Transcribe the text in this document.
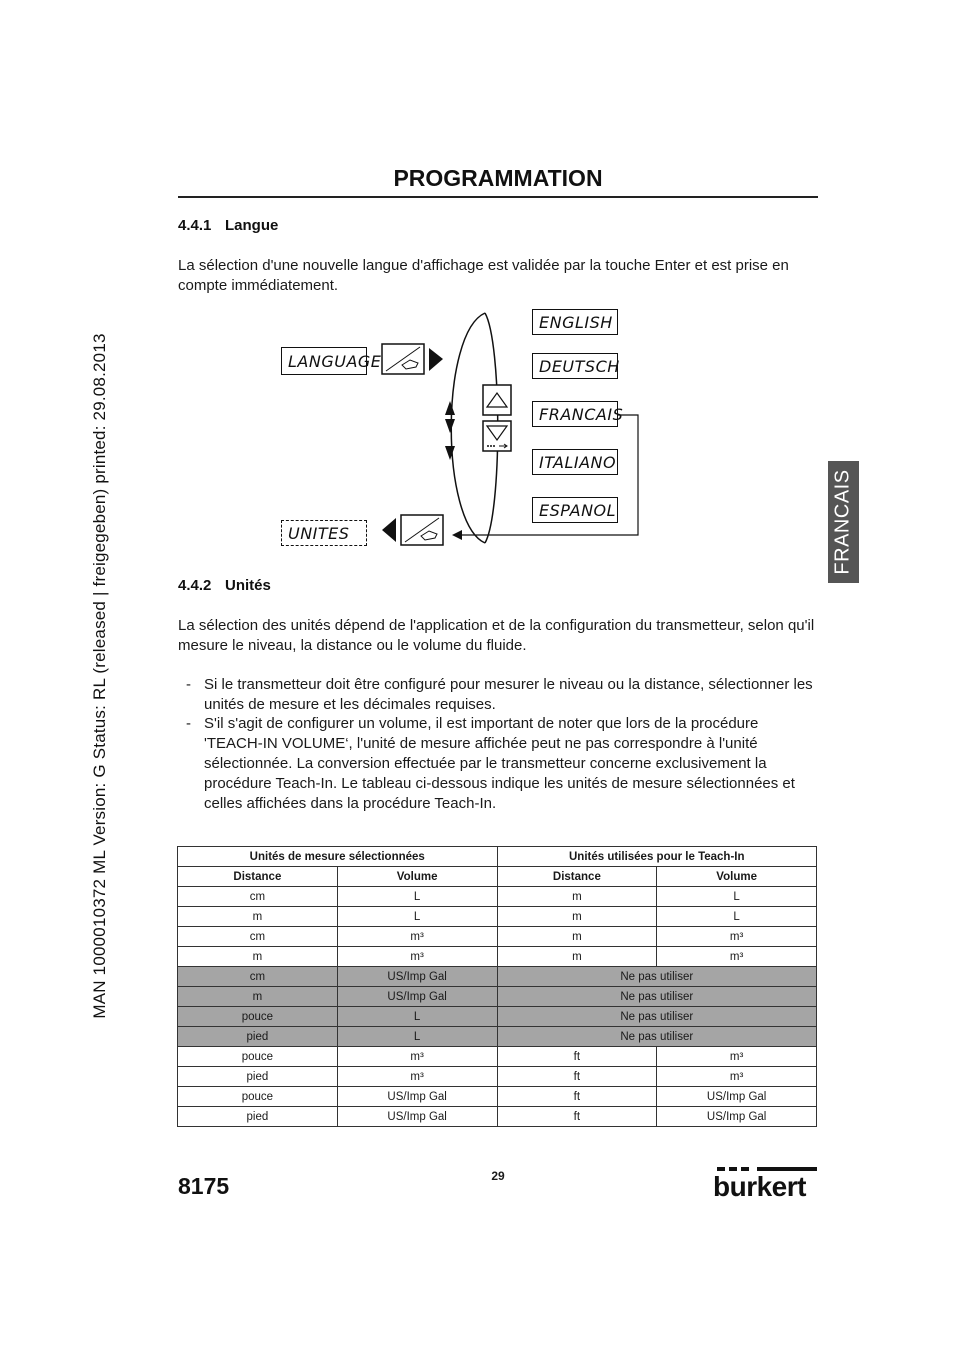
MAN 1000010372 ML Version: G Status: RL (released | freigegeben) printed: 29.08.2013	FRANCAIS
PROGRAMMATION
4.4.1 Langue
La sélection d'une nouvelle langue d'affichage est validée par la touche Enter et est prise en compte immédiatement.
LANGUAGE
ENGLISH
DEUTSCH
FRANCAIS
ITALIANO
ESPANOL
UNITES
4.4.2 Unités
La sélection des unités dépend de l'application et de la configuration du transmetteur, selon qu'il mesure le niveau, la distance ou le volume du fluide.
- Si le transmetteur doit être configuré pour mesurer le niveau ou la distance, sélectionner les unités de mesure et les décimales requises.
- S'il s'agit de configurer un volume, il est important de noter que lors de la procédure 'TEACH-IN VOLUME‘, l'unité de mesure affichée peut ne pas correspondre à l'unité sélectionnée. La conversion effectuée par le transmetteur concerne exclusivement la procédure Teach-In. Le tableau ci-dessous indique les unités de mesure sélectionnées et celles affichées dans la procédure Teach-In.
Unités de mesure sélectionnées		Unités utilisées pour le Teach-In	
Distance	Volume	Distance	Volume
cm	L	m	L
m	L	m	L
cm	m³	m	m³
m	m³	m	m³
cm	US/Imp Gal	Ne pas utiliser	
m	US/Imp Gal	Ne pas utiliser	
pouce	L	Ne pas utiliser	
pied	L	Ne pas utiliser	
pouce	m³	ft	m³
pied	m³	ft	m³
pouce	US/Imp Gal	ft	US/Imp Gal
pied	US/Imp Gal	ft	US/Imp Gal
8175	29	burkert
